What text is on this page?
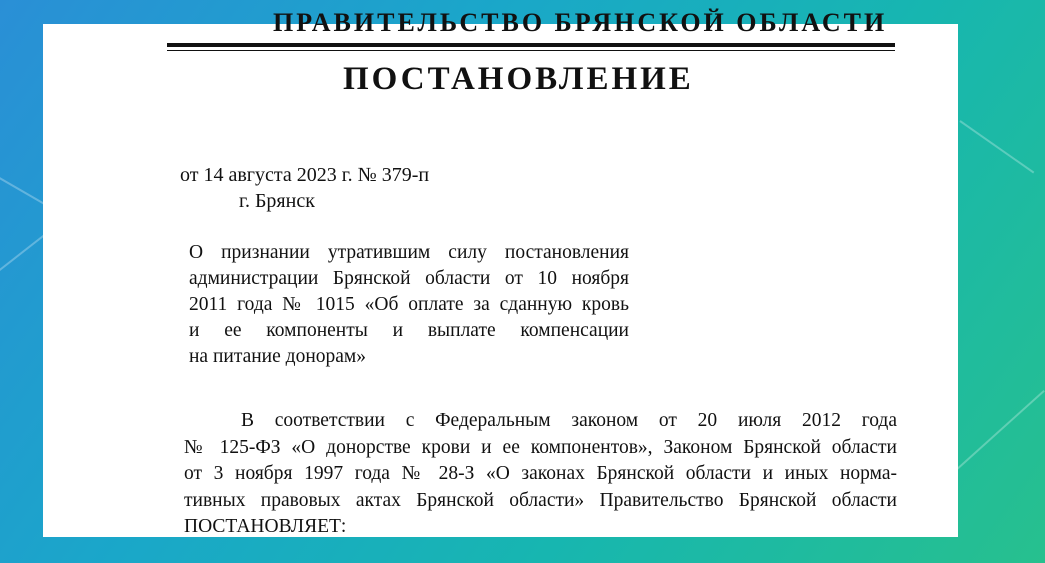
ПРАВИТЕЛЬСТВО БРЯНСКОЙ ОБЛАСТИ
ПОСТАНОВЛЕНИЕ
от 14 августа 2023 г. № 379-п
г. Брянск
О признании утратившим силу постановления
администрации Брянской области от 10 ноября
2011 года № 1015 «Об оплате за сданную кровь
и ее компоненты и выплате компенсации
на питание донорам»
В соответствии с Федеральным законом от 20 июля 2012 года
№ 125-ФЗ «О донорстве крови и ее компонентов», Законом Брянской области
от 3 ноября 1997 года № 28-З «О законах Брянской области и иных норма-
тивных правовых актах Брянской области» Правительство Брянской области
ПОСТАНОВЛЯЕТ:
